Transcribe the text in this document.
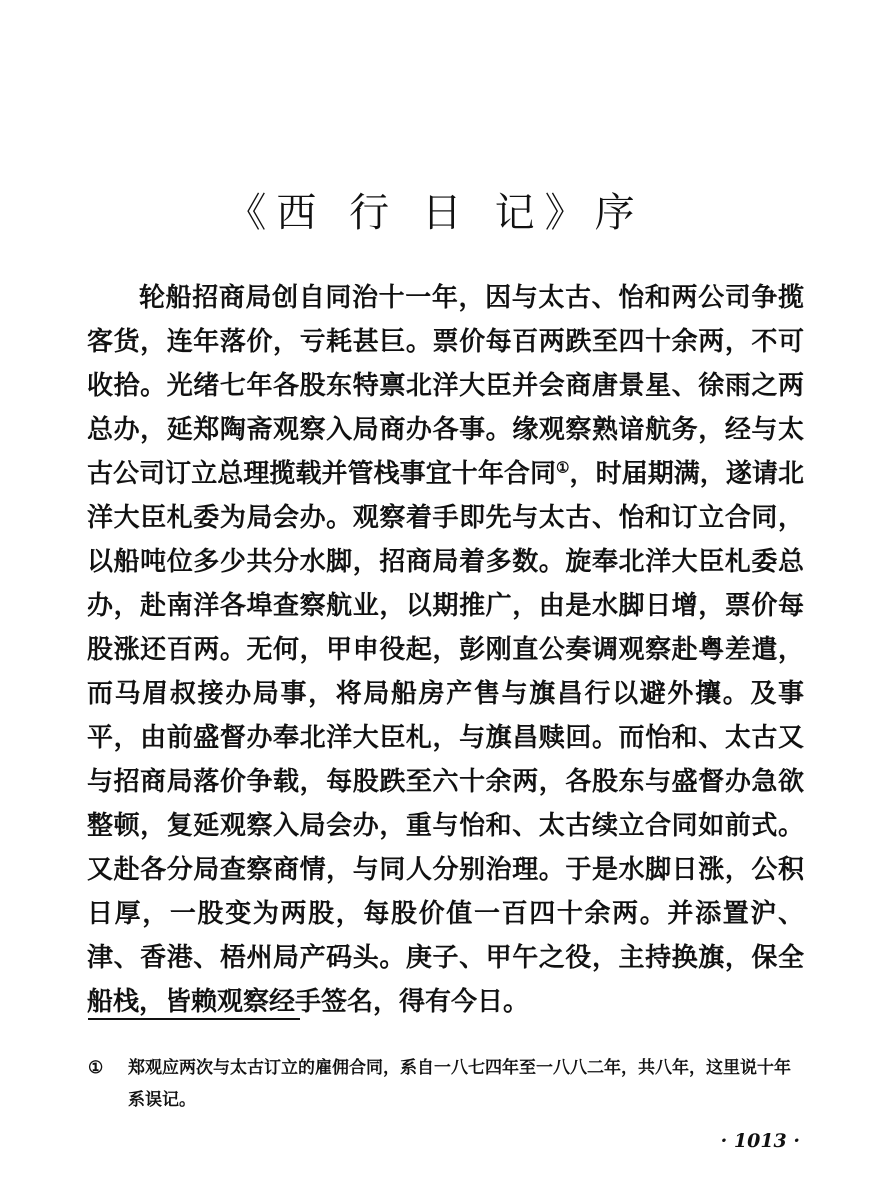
《西 行 日 记》序

轮船招商局创自同治十一年，因与太古、怡和两公司争揽客货，连年落价，亏耗甚巨。票价每百两跌至四十余两，不可收拾。光绪七年各股东特禀北洋大臣并会商唐景星、徐雨之两总办，延郑陶斋观察入局商办各事。缘观察熟谙航务，经与太古公司订立总理揽载并管栈事宜十年合同①，时届期满，遂请北洋大臣札委为局会办。观察着手即先与太古、怡和订立合同，以船吨位多少共分水脚，招商局着多数。旋奉北洋大臣札委总办，赴南洋各埠查察航业，以期推广，由是水脚日增，票价每股涨还百两。无何，甲申役起，彭刚直公奏调观察赴粤差遣，而马眉叔接办局事，将局船房产售与旗昌行以避外攘。及事平，由前盛督办奉北洋大臣札，与旗昌赎回。而怡和、太古又与招商局落价争载，每股跌至六十余两，各股东与盛督办急欲整顿，复延观察入局会办，重与怡和、太古续立合同如前式。又赴各分局查察商情，与同人分别治理。于是水脚日涨，公积日厚，一股变为两股，每股价值一百四十余两。并添置沪、津、香港、梧州局产码头。庚子、甲午之役，主持换旗，保全船栈，皆赖观察经手签名，得有今日。

① 郑观应两次与太古订立的雇佣合同，系自一八七四年至一八八二年，共八年，这里说十年系误记。

· 1013 ·
